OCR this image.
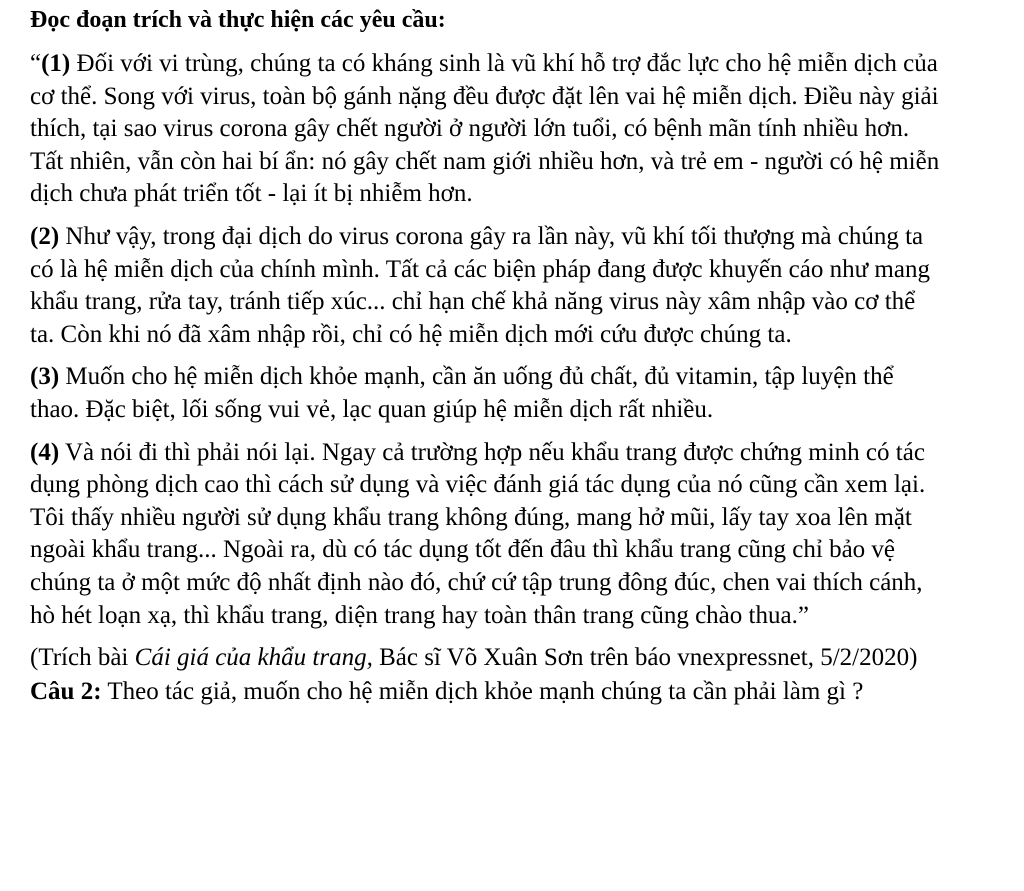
Đọc đoạn trích và thực hiện các yêu cầu:

“(1) Đối với vi trùng, chúng ta có kháng sinh là vũ khí hỗ trợ đắc lực cho hệ miễn dịch của cơ thể. Song với virus, toàn bộ gánh nặng đều được đặt lên vai hệ miễn dịch. Điều này giải thích, tại sao virus corona gây chết người ở người lớn tuổi, có bệnh mãn tính nhiều hơn. Tất nhiên, vẫn còn hai bí ẩn: nó gây chết nam giới nhiều hơn, và trẻ em - người có hệ miễn dịch chưa phát triển tốt - lại ít bị nhiễm hơn.

(2) Như vậy, trong đại dịch do virus corona gây ra lần này, vũ khí tối thượng mà chúng ta có là hệ miễn dịch của chính mình. Tất cả các biện pháp đang được khuyến cáo như mang khẩu trang, rửa tay, tránh tiếp xúc... chỉ hạn chế khả năng virus này xâm nhập vào cơ thể ta. Còn khi nó đã xâm nhập rồi, chỉ có hệ miễn dịch mới cứu được chúng ta.

(3) Muốn cho hệ miễn dịch khỏe mạnh, cần ăn uống đủ chất, đủ vitamin, tập luyện thể thao. Đặc biệt, lối sống vui vẻ, lạc quan giúp hệ miễn dịch rất nhiều.

(4) Và nói đi thì phải nói lại. Ngay cả trường hợp nếu khẩu trang được chứng minh có tác dụng phòng dịch cao thì cách sử dụng và việc đánh giá tác dụng của nó cũng cần xem lại. Tôi thấy nhiều người sử dụng khẩu trang không đúng, mang hở mũi, lấy tay xoa lên mặt ngoài khẩu trang... Ngoài ra, dù có tác dụng tốt đến đâu thì khẩu trang cũng chỉ bảo vệ chúng ta ở một mức độ nhất định nào đó, chứ cứ tập trung đông đúc, chen vai thích cánh, hò hét loạn xạ, thì khẩu trang, diện trang hay toàn thân trang cũng chào thua.”

(Trích bài Cái giá của khẩu trang, Bác sĩ Võ Xuân Sơn trên báo vnexpressnet, 5/2/2020)

Câu 2: Theo tác giả, muốn cho hệ miễn dịch khỏe mạnh chúng ta cần phải làm gì ?
